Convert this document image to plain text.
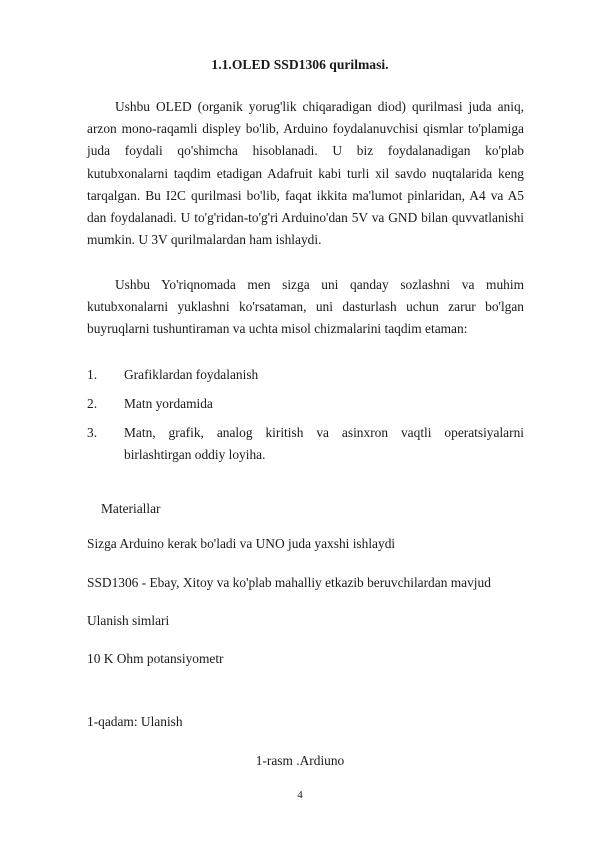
1.1.OLED SSD1306 qurilmasi.

Ushbu OLED (organik yorug'lik chiqaradigan diod) qurilmasi juda aniq, arzon mono-raqamli displey bo'lib, Arduino foydalanuvchisi qismlar to'plamiga juda foydali qo'shimcha hisoblanadi. U biz foydalanadigan ko'plab kutubxonalarni taqdim etadigan Adafruit kabi turli xil savdo nuqtalarida keng tarqalgan. Bu I2C qurilmasi bo'lib, faqat ikkita ma'lumot pinlaridan, A4 va A5 dan foydalanadi. U to'g'ridan-to'g'ri Arduino'dan 5V va GND bilan quvvatlanishi mumkin. U 3V qurilmalardan ham ishlaydi.

Ushbu Yo'riqnomada men sizga uni qanday sozlashni va muhim kutubxonalarni yuklashni ko'rsataman, uni dasturlash uchun zarur bo'lgan buyruqlarni tushuntiraman va uchta misol chizmalarini taqdim etaman:

1. Grafiklardan foydalanish
2. Matn yordamida
3. Matn, grafik, analog kiritish va asinxron vaqtli operatsiyalarni birlashtirgan oddiy loyiha.
Materiallar
Sizga Arduino kerak bo'ladi va UNO juda yaxshi ishlaydi
SSD1306 - Ebay, Xitoy va ko'plab mahalliy etkazib beruvchilardan mavjud
Ulanish simlari
10 K Ohm potansiyometr
1-qadam: Ulanish
1-rasm .Ardiuno
4
